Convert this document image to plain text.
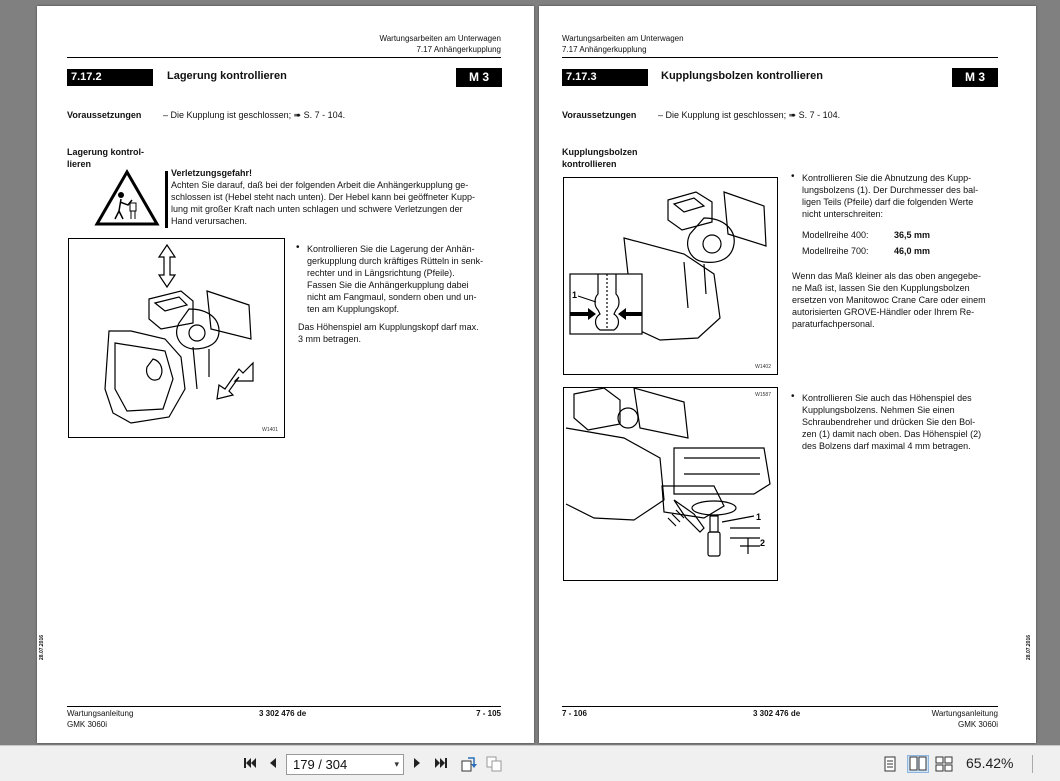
Wartungsarbeiten am Unterwagen
7.17 Anhängerkupplung
7.17.2	Lagerung kontrollieren	M 3
Voraussetzungen – Die Kupplung ist geschlossen; ➠ S. 7 - 104.
Lagerung kontrol-
lieren
Verletzungsgefahr!
Achten Sie darauf, daß bei der folgenden Arbeit die Anhängerkupplung ge-
schlossen ist (Hebel steht nach unten). Der Hebel kann bei geöffneter Kupp-
lung mit großer Kraft nach unten schlagen und schwere Verletzungen der
Hand verursachen.
W1401
• Kontrollieren Sie die Lagerung der Anhän-
gerkupplung durch kräftiges Rütteln in senk-
rechter und in Längsrichtung (Pfeile).
Fassen Sie die Anhängerkupplung dabei
nicht am Fangmaul, sondern oben und un-
ten am Kupplungskopf.
Das Höhenspiel am Kupplungskopf darf max.
3 mm betragen.
28.07.2016
Wartungsanleitung
GMK 3060i
3 302 476 de	7 - 105
Wartungsarbeiten am Unterwagen
7.17 Anhängerkupplung
7.17.3	Kupplungsbolzen kontrollieren	M 3
Voraussetzungen – Die Kupplung ist geschlossen; ➠ S. 7 - 104.
Kupplungsbolzen
kontrollieren
1
W1402
• Kontrollieren Sie die Abnutzung des Kupp-
lungsbolzens (1). Der Durchmesser des bal-
ligen Teils (Pfeile) darf die folgenden Werte
nicht unterschreiten:
Modellreihe 400:	36,5 mm
Modellreihe 700:	46,0 mm
Wenn das Maß kleiner als das oben angegebe-
ne Maß ist, lassen Sie den Kupplungsbolzen
ersetzen von Manitowoc Crane Care oder einem
autorisierten GROVE-Händler oder Ihrem Re-
paraturfachpersonal.
1
2
W1587 • Kontrollieren Sie auch das Höhenspiel des
Kupplungsbolzens. Nehmen Sie einen
Schraubendreher und drücken Sie den Bol-
zen (1) damit nach oben. Das Höhenspiel (2)
des Bolzens darf maximal 4 mm betragen.
28.07.2016
7 - 106	3 302 476 de	Wartungsanleitung
GMK 3060i
179 / 304	▾	65.42%
